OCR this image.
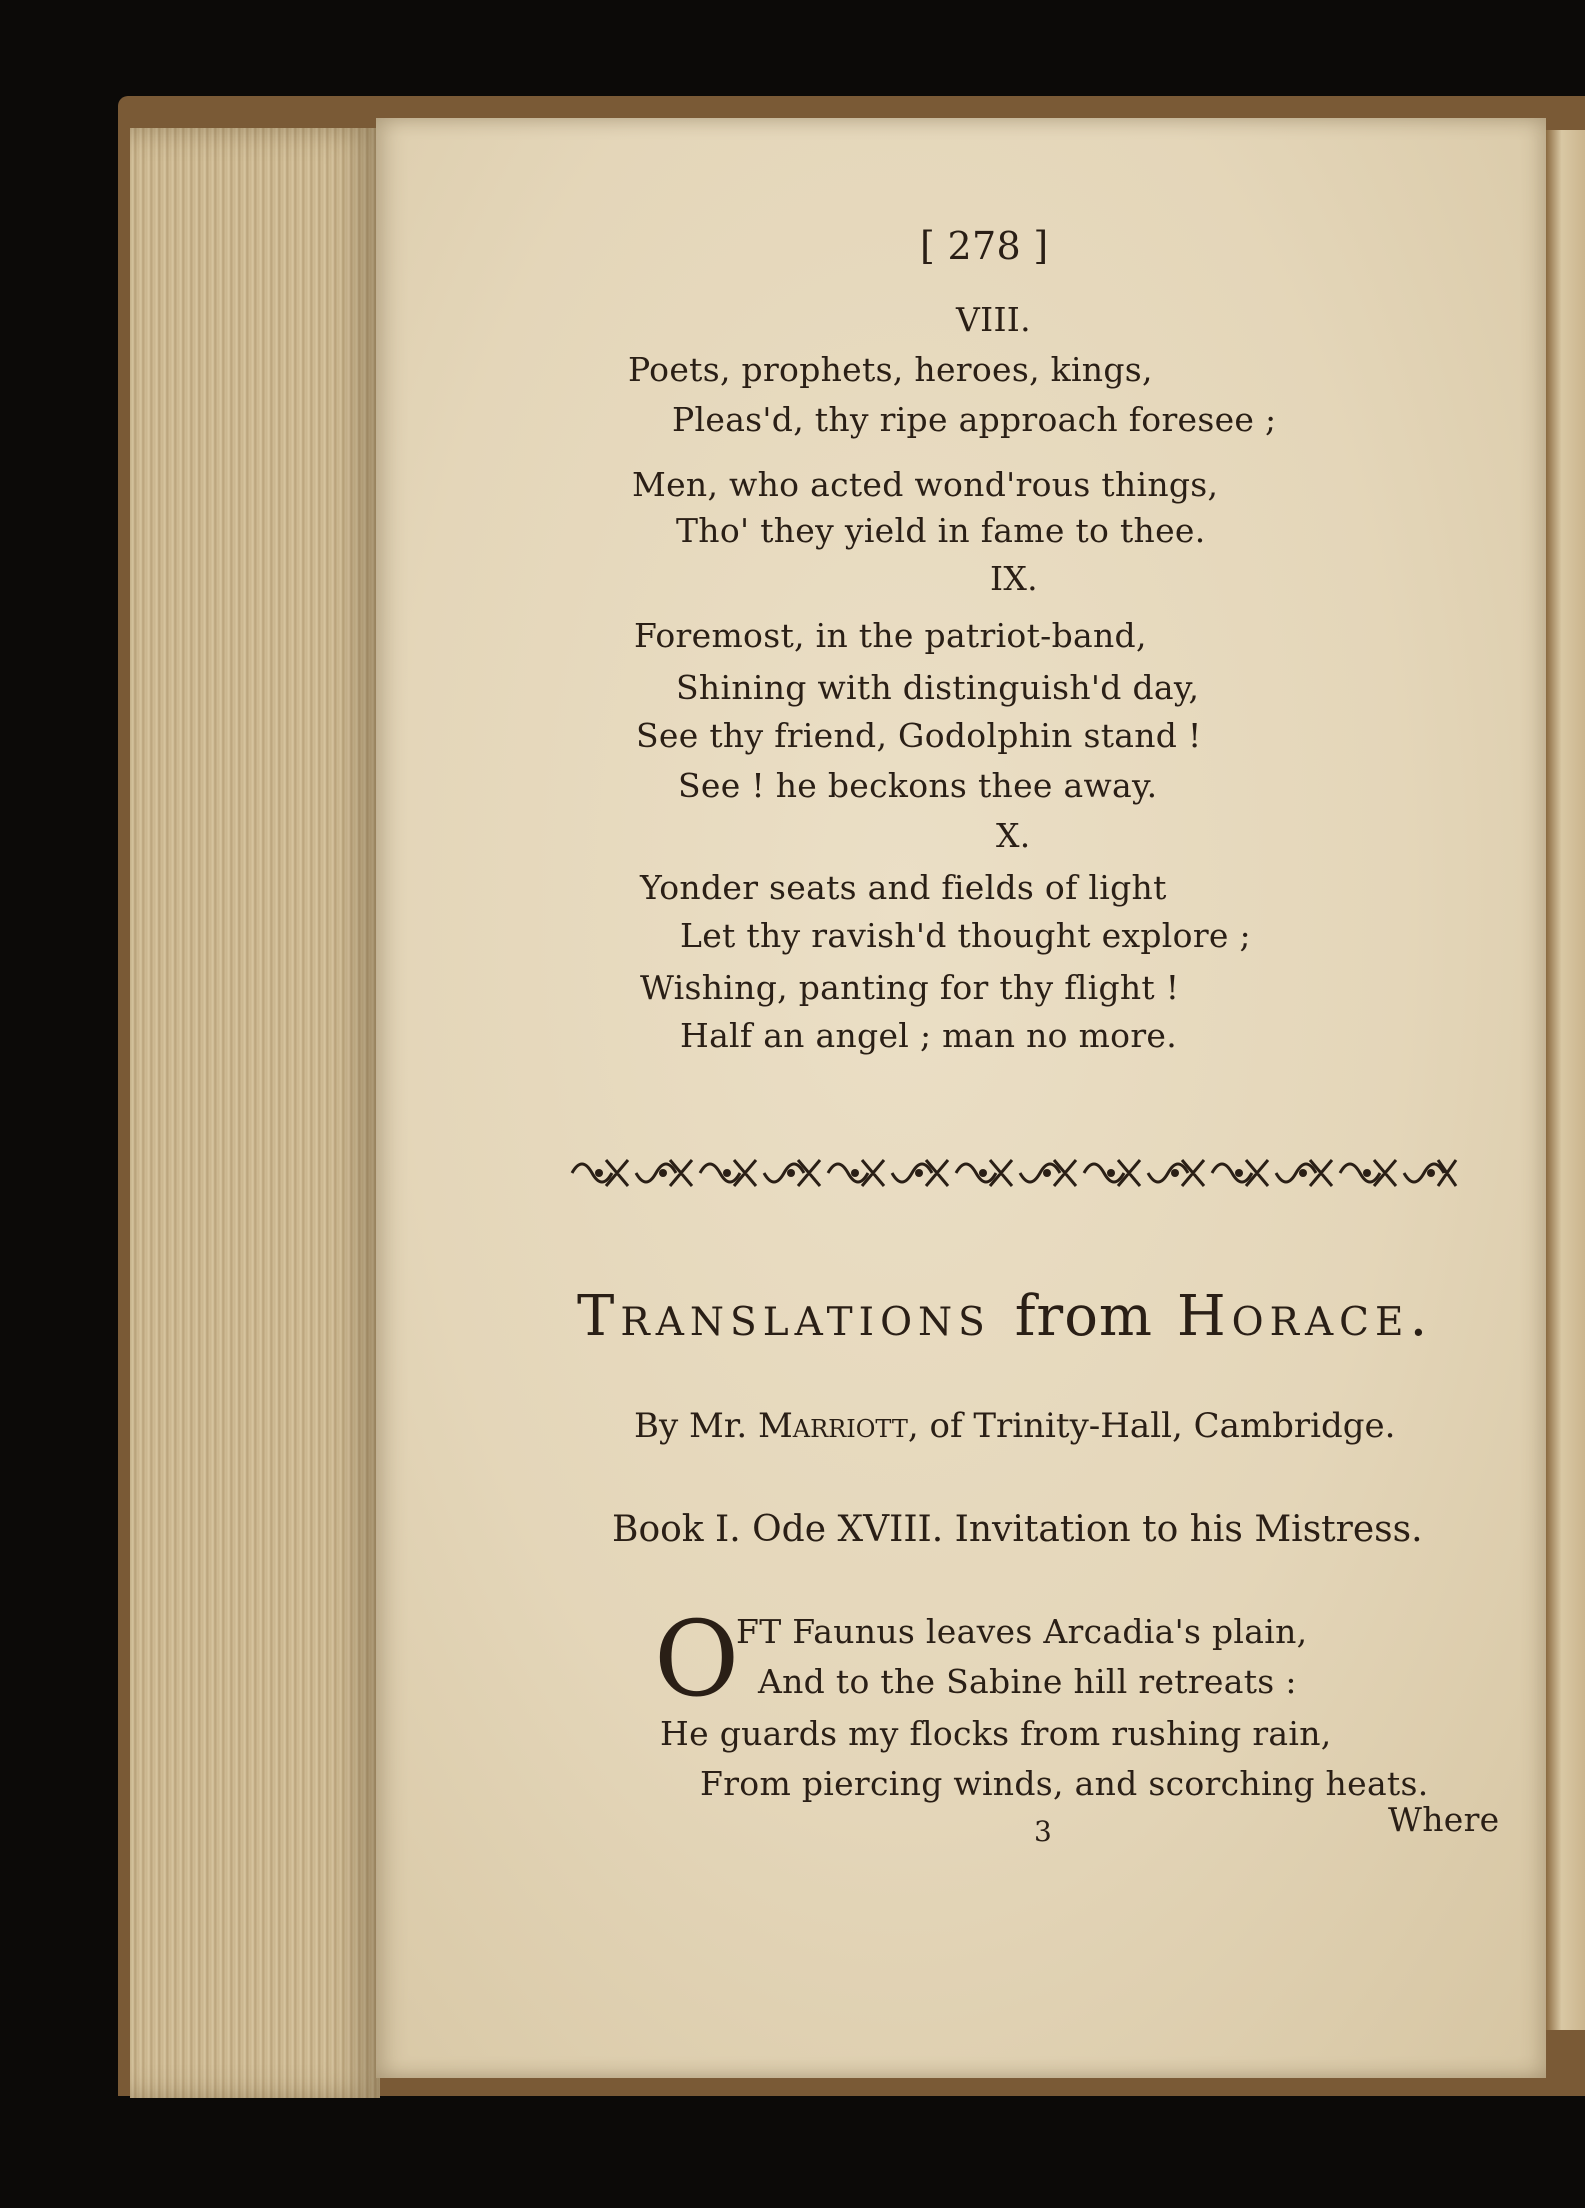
[ 278 ]
VIII.
Poets, prophets, heroes, kings,
Pleas'd, thy ripe approach foresee ;
Men, who acted wond'rous things,
Tho' they yield in fame to thee.
IX.
Foremost, in the patriot-band,
Shining with distinguish'd day,
See thy friend, Godolphin stand !
See ! he beckons thee away.
X.
Yonder seats and fields of light
Let thy ravish'd thought explore ;
Wishing, panting for thy flight !
Half an angel ; man no more.
Translations from Horace.
By Mr. Marriott, of Trinity-Hall, Cambridge.
Book I. Ode XVIII. Invitation to his Mistress.
O
FT Faunus leaves Arcadia's plain,
And to the Sabine hill retreats :
He guards my flocks from rushing rain,
From piercing winds, and scorching heats.
3	Where
